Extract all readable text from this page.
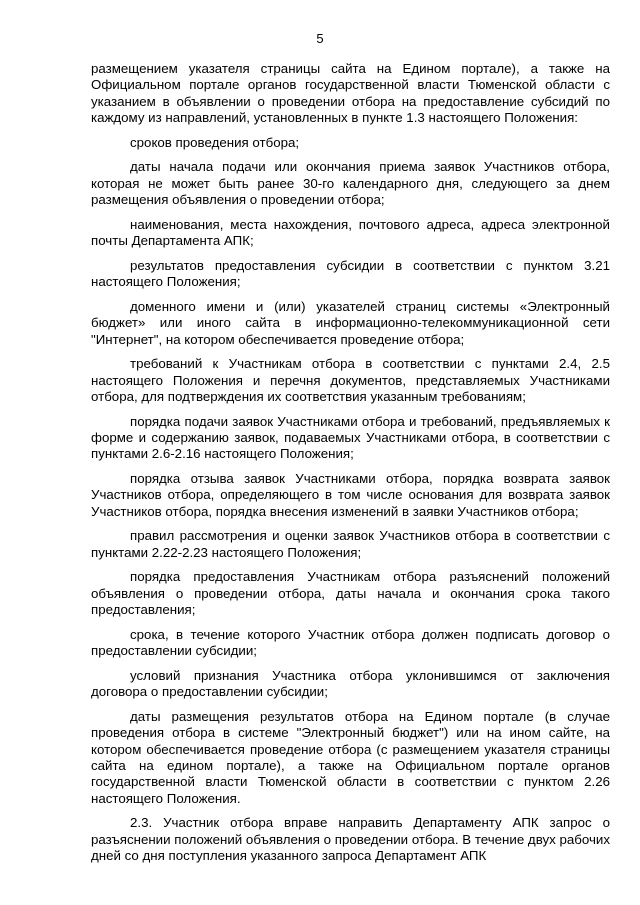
5

размещением указателя страницы сайта на Едином портале), а также на Официальном портале органов государственной власти Тюменской области с указанием в объявлении о проведении отбора на предоставление субсидий по каждому из направлений, установленных в пункте 1.3 настоящего Положения:

сроков проведения отбора;

даты начала подачи или окончания приема заявок Участников отбора, которая не может быть ранее 30-го календарного дня, следующего за днем размещения объявления о проведении отбора;

наименования, места нахождения, почтового адреса, адреса электронной почты Департамента АПК;

результатов предоставления субсидии в соответствии с пунктом 3.21 настоящего Положения;

доменного имени и (или) указателей страниц системы «Электронный бюджет» или иного сайта в информационно-телекоммуникационной сети "Интернет", на котором обеспечивается проведение отбора;

требований к Участникам отбора в соответствии с пунктами 2.4, 2.5 настоящего Положения и перечня документов, представляемых Участниками отбора, для подтверждения их соответствия указанным требованиям;

порядка подачи заявок Участниками отбора и требований, предъявляемых к форме и содержанию заявок, подаваемых Участниками отбора, в соответствии с пунктами 2.6-2.16 настоящего Положения;

порядка отзыва заявок Участниками отбора, порядка возврата заявок Участников отбора, определяющего в том числе основания для возврата заявок Участников отбора, порядка внесения изменений в заявки Участников отбора;

правил рассмотрения и оценки заявок Участников отбора в соответствии с пунктами 2.22-2.23 настоящего Положения;

порядка предоставления Участникам отбора разъяснений положений объявления о проведении отбора, даты начала и окончания срока такого предоставления;

срока, в течение которого Участник отбора должен подписать договор о предоставлении субсидии;

условий признания Участника отбора уклонившимся от заключения договора о предоставлении субсидии;

даты размещения результатов отбора на Едином портале (в случае проведения отбора в системе "Электронный бюджет") или на ином сайте, на котором обеспечивается проведение отбора (с размещением указателя страницы сайта на едином портале), а также на Официальном портале органов государственной власти Тюменской области в соответствии с пунктом 2.26 настоящего Положения.

2.3. Участник отбора вправе направить Департаменту АПК запрос о разъяснении положений объявления о проведении отбора. В течение двух рабочих дней со дня поступления указанного запроса Департамент АПК
